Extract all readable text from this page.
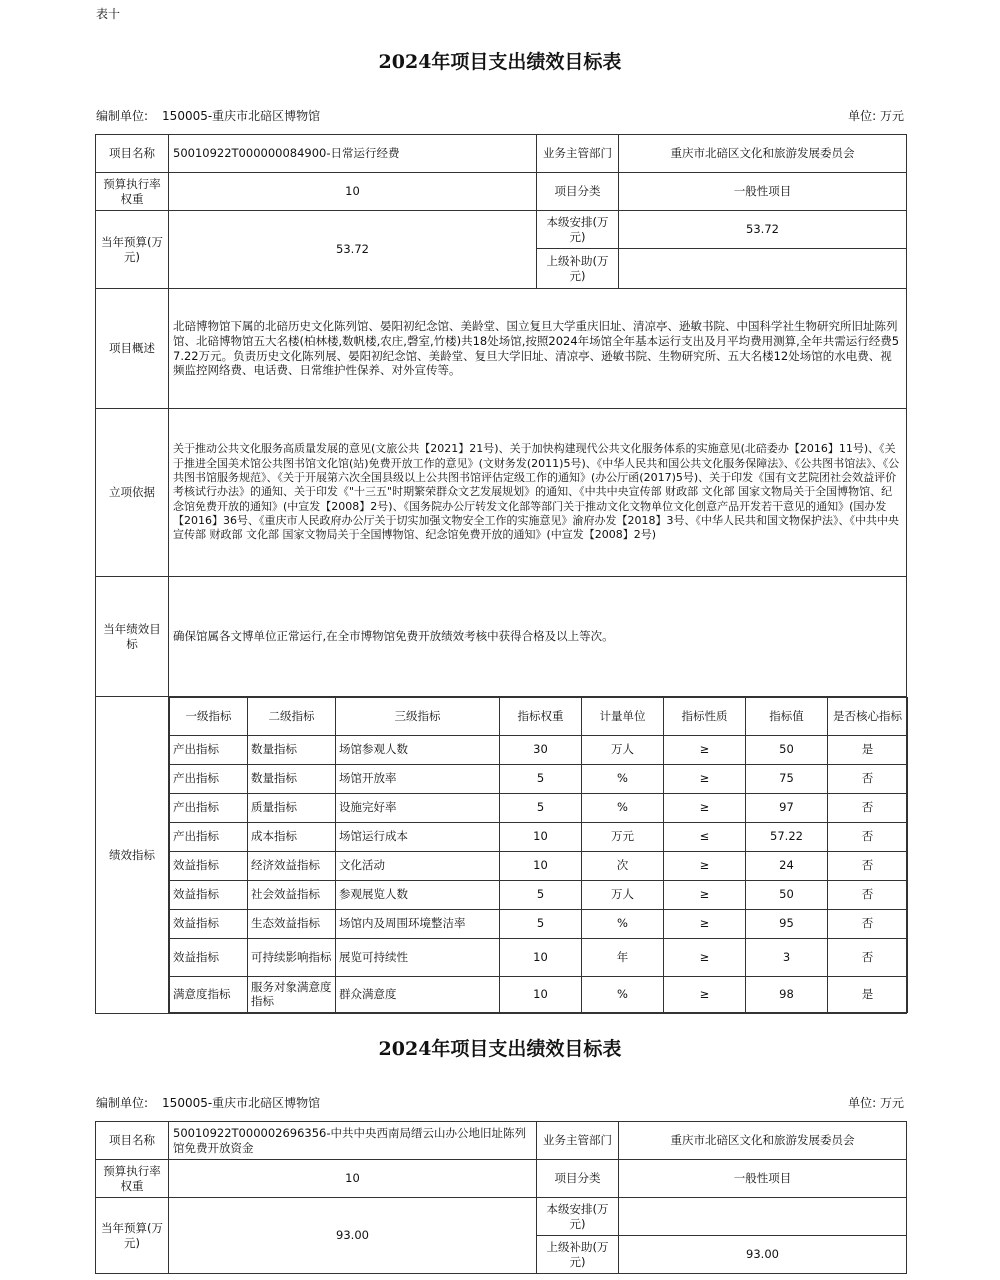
表十
2024年项目支出绩效目标表
编制单位: 150005-重庆市北碚区博物馆	单位: 万元
项目名称	50010922T000000084900-日常运行经费	业务主管部门	重庆市北碚区文化和旅游发展委员会
预算执行率权重	10	项目分类	一般性项目
当年预算(万元)	53.72	本级安排(万元)	53.72
上级补助(万元)	
项目概述	北碚博物馆下属的北碚历史文化陈列馆、晏阳初纪念馆、美龄堂、国立复旦大学重庆旧址、清凉亭、逊敏书院、中国科学社生物研究所旧址陈列馆、北碚博物馆五大名楼(柏林楼,数帆楼,农庄,磬室,竹楼)共18处场馆,按照2024年场馆全年基本运行支出及月平均费用测算,全年共需运行经费57.22万元。负责历史文化陈列展、晏阳初纪念馆、美龄堂、复旦大学旧址、清凉亭、逊敏书院、生物研究所、五大名楼12处场馆的水电费、视频监控网络费、电话费、日常维护性保养、对外宣传等。
立项依据	关于推动公共文化服务高质量发展的意见(文旅公共【2021】21号)、关于加快构建现代公共文化服务体系的实施意见(北碚委办【2016】11号)、《关于推进全国美术馆公共图书馆文化馆(站)免费开放工作的意见》(文财务发(2011)5号)、《中华人民共和国公共文化服务保障法》、《公共图书馆法》、《公共图书馆服务规范》、《关于开展第六次全国县级以上公共图书馆评估定级工作的通知》(办公厅函(2017)5号)、关于印发《国有文艺院团社会效益评价考核试行办法》的通知、关于印发《"十三五"时期繁荣群众文艺发展规划》的通知、《中共中央宣传部 财政部 文化部 国家文物局关于全国博物馆、纪念馆免费开放的通知》(中宣发【2008】2号)、《国务院办公厅转发文化部等部门关于推动文化文物单位文化创意产品开发若干意见的通知》(国办发【2016】36号、《重庆市人民政府办公厅关于切实加强文物安全工作的实施意见》渝府办发【2018】3号、《中华人民共和国文物保护法》、《中共中央宣传部 财政部 文化部 国家文物局关于全国博物馆、纪念馆免费开放的通知》(中宣发【2008】2号)
当年绩效目标	确保馆属各文博单位正常运行,在全市博物馆免费开放绩效考核中获得合格及以上等次。
绩效指标	
一级指标	二级指标	三级指标	指标权重	计量单位	指标性质	指标值	是否核心指标
产出指标	数量指标	场馆参观人数	30	万人	≥	50	是
产出指标	数量指标	场馆开放率	5	%	≥	75	否
产出指标	质量指标	设施完好率	5	%	≥	97	否
产出指标	成本指标	场馆运行成本	10	万元	≤	57.22	否
效益指标	经济效益指标	文化活动	10	次	≥	24	否
效益指标	社会效益指标	参观展览人数	5	万人	≥	50	否
效益指标	生态效益指标	场馆内及周围环境整洁率	5	%	≥	95	否
效益指标	可持续影响指标	展览可持续性	10	年	≥	3	否
满意度指标	服务对象满意度指标	群众满意度	10	%	≥	98	是
2024年项目支出绩效目标表
编制单位: 150005-重庆市北碚区博物馆	单位: 万元
项目名称	50010922T000002696356-中共中央西南局缙云山办公地旧址陈列馆免费开放资金	业务主管部门	重庆市北碚区文化和旅游发展委员会
预算执行率权重	10	项目分类	一般性项目
当年预算(万元)	93.00	本级安排(万元)	
		上级补助(万元)	93.00
